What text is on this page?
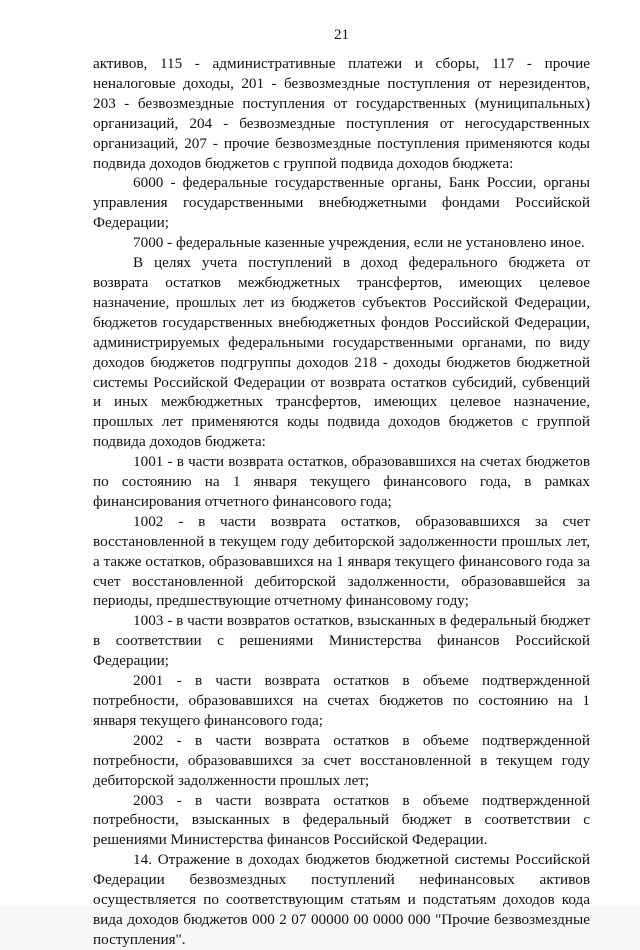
21

активов, 115 - административные платежи и сборы, 117 - прочие неналоговые доходы, 201 - безвозмездные поступления от нерезидентов, 203 - безвозмездные поступления от государственных (муниципальных) организаций, 204 - безвозмездные поступления от негосударственных организаций, 207 - прочие безвозмездные поступления применяются коды подвида доходов бюджетов с группой подвида доходов бюджета:

6000 - федеральные государственные органы, Банк России, органы управления государственными внебюджетными фондами Российской Федерации;

7000 - федеральные казенные учреждения, если не установлено иное.

В целях учета поступлений в доход федерального бюджета от возврата остатков межбюджетных трансфертов, имеющих целевое назначение, прошлых лет из бюджетов субъектов Российской Федерации, бюджетов государственных внебюджетных фондов Российской Федерации, администрируемых федеральными государственными органами, по виду доходов бюджетов подгруппы доходов 218 - доходы бюджетов бюджетной системы Российской Федерации от возврата остатков субсидий, субвенций и иных межбюджетных трансфертов, имеющих целевое назначение, прошлых лет применяются коды подвида доходов бюджетов с группой подвида доходов бюджета:

1001 - в части возврата остатков, образовавшихся на счетах бюджетов по состоянию на 1 января текущего финансового года, в рамках финансирования отчетного финансового года;

1002 - в части возврата остатков, образовавшихся за счет восстановленной в текущем году дебиторской задолженности прошлых лет, а также остатков, образовавшихся на 1 января текущего финансового года за счет восстановленной дебиторской задолженности, образовавшейся за периоды, предшествующие отчетному финансовому году;

1003 - в части возвратов остатков, взысканных в федеральный бюджет в соответствии с решениями Министерства финансов Российской Федерации;

2001 - в части возврата остатков в объеме подтвержденной потребности, образовавшихся на счетах бюджетов по состоянию на 1 января текущего финансового года;

2002 - в части возврата остатков в объеме подтвержденной потребности, образовавшихся за счет восстановленной в текущем году дебиторской задолженности прошлых лет;

2003 - в части возврата остатков в объеме подтвержденной потребности, взысканных в федеральный бюджет в соответствии с решениями Министерства финансов Российской Федерации.

14. Отражение в доходах бюджетов бюджетной системы Российской Федерации безвозмездных поступлений нефинансовых активов осуществляется по соответствующим статьям и подстатьям доходов кода вида доходов бюджетов 000 2 07 00000 00 0000 000 "Прочие безвозмездные поступления".
